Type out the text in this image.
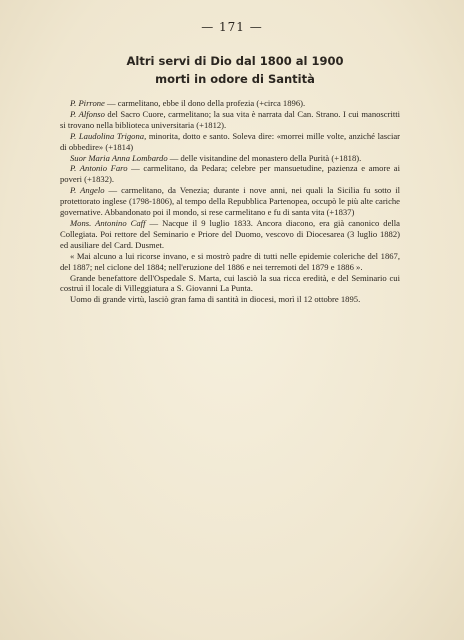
— 171 —
Altri servi di Dio dal 1800 al 1900
morti in odore di Santità

P. Pirrone — carmelitano, ebbe il dono della profezia (+circa 1896).

P. Alfonso del Sacro Cuore, carmelitano; la sua vita è narrata dal Can. Strano. I cui manoscritti si trovano nella biblioteca universitaria (+1812).

P. Laudolina Trigona, minorita, dotto e santo. Soleva dire: «morrei mille volte, anziché lasciar di obbedire» (+1814)

Suor Maria Anna Lombardo — delle visitandine del monastero della Purità (+1818).

P. Antonio Faro — carmelitano, da Pedara; celebre per mansuetudine, pazienza e amore ai poveri (+1832).

P. Angelo — carmelitano, da Venezia; durante i nove anni, nei quali la Sicilia fu sotto il protettorato inglese (1798-1806), al tempo della Repubblica Partenopea, occupò le più alte cariche governative. Abbandonato poi il mondo, si rese carmelitano e fu di santa vita (+1837)

Mons. Antonino Caff — Nacque il 9 luglio 1833. Ancora diacono, era già canonico della Collegiata. Poi rettore del Seminario e Priore del Duomo, vescovo di Diocesarea (3 luglio 1882) ed ausiliare del Card. Dusmet.

« Mai alcuno a lui ricorse invano, e si mostrò padre di tutti nelle epidemie coleriche del 1867, del 1887; nel ciclone del 1884; nell'eruzione del 1886 e nei terremoti del 1879 e 1886 ».

Grande benefattore dell'Ospedale S. Marta, cui lasciò la sua ricca eredità, e del Seminario cui costruì il locale di Villeggiatura a S. Giovanni La Punta.

Uomo di grande virtù, lasciò gran fama di santità in diocesi, morì il 12 ottobre 1895.
